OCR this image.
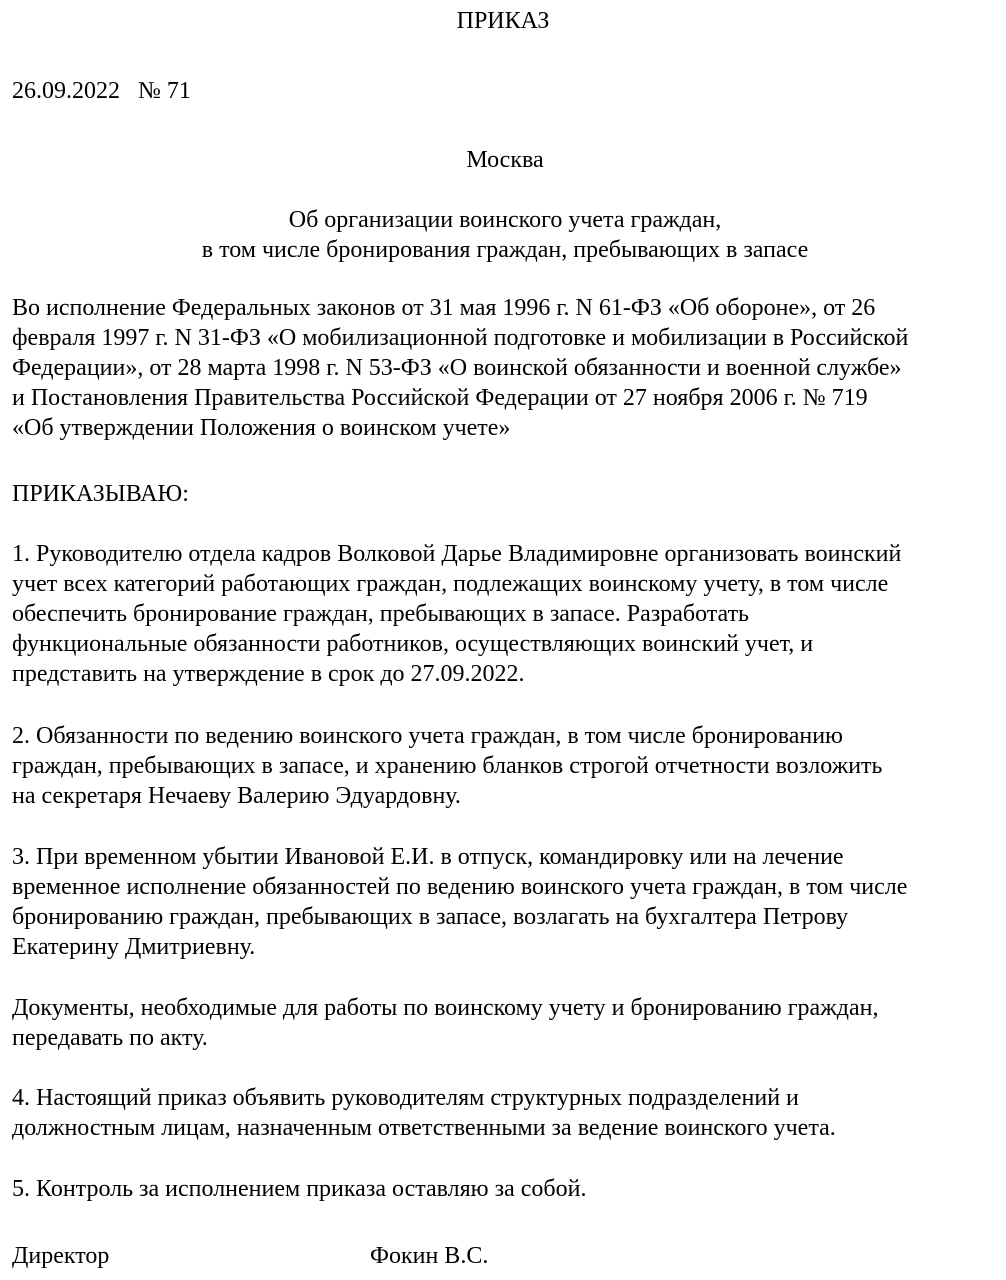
ПРИКАЗ

26.09.2022 № 71

Москва

Об организации воинского учета граждан,

в том числе бронирования граждан, пребывающих в запасе

Во исполнение Федеральных законов от 31 мая 1996 г. N 61-ФЗ «Об обороне», от 26
февраля 1997 г. N 31-ФЗ «О мобилизационной подготовке и мобилизации в Российской
Федерации», от 28 марта 1998 г. N 53-ФЗ «О воинской обязанности и военной службе»
и Постановления Правительства Российской Федерации от 27 ноября 2006 г. № 719
«Об утверждении Положения о воинском учете»

ПРИКАЗЫВАЮ:

1. Руководителю отдела кадров Волковой Дарье Владимировне организовать воинский
учет всех категорий работающих граждан, подлежащих воинскому учету, в том числе
обеспечить бронирование граждан, пребывающих в запасе. Разработать
функциональные обязанности работников, осуществляющих воинский учет, и
представить на утверждение в срок до 27.09.2022.
2. Обязанности по ведению воинского учета граждан, в том числе бронированию
граждан, пребывающих в запасе, и хранению бланков строгой отчетности возложить
на секретаря Нечаеву Валерию Эдуардовну.
3. При временном убытии Ивановой Е.И. в отпуск, командировку или на лечение
временное исполнение обязанностей по ведению воинского учета граждан, в том числе
бронированию граждан, пребывающих в запасе, возлагать на бухгалтера Петрову
Екатерину Дмитриевну.
Документы, необходимые для работы по воинскому учету и бронированию граждан,
передавать по акту.
4. Настоящий приказ объявить руководителям структурных подразделений и
должностным лицам, назначенным ответственными за ведение воинского учета.
5. Контроль за исполнением приказа оставляю за собой.

Директор	Фокин В.С.
